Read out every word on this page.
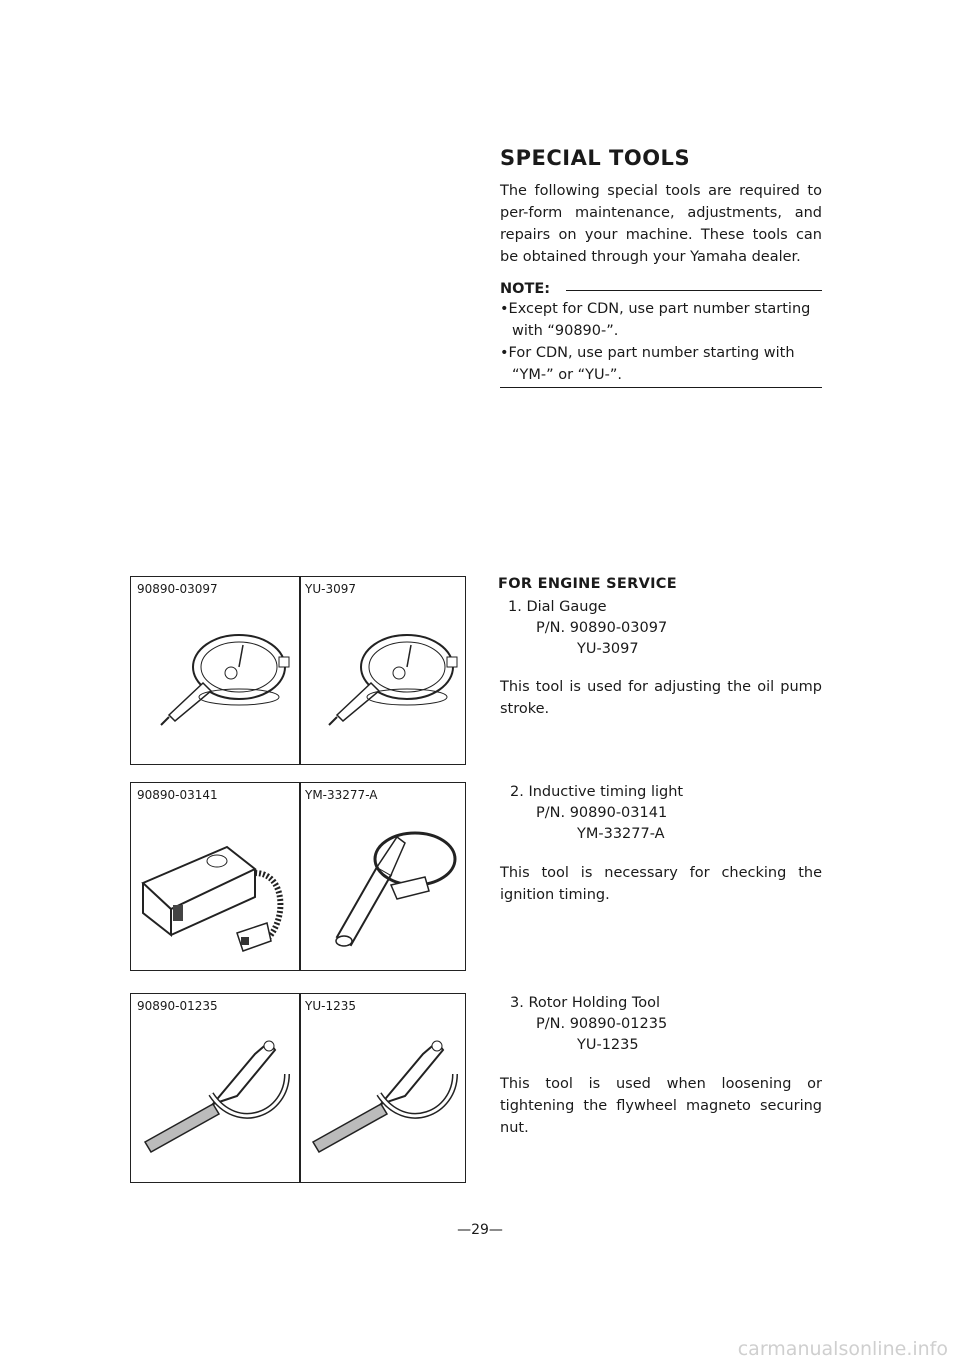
SPECIAL TOOLS
The following special tools are required to per-form maintenance, adjustments, and repairs on your machine. These tools can be obtained through your Yamaha dealer.
NOTE:
•Except for CDN, use part number starting
with “90890-”.
•For CDN, use part number starting with
“YM-” or “YU-”.
FOR ENGINE SERVICE
1. Dial Gauge
P/N. 90890-03097
YU-3097
This tool is used for adjusting the oil pump stroke.
2. Inductive timing light
P/N. 90890-03141
YM-33277-A
This tool is necessary for checking the ignition timing.
3. Rotor Holding Tool
P/N. 90890-01235
YU-1235
This tool is used when loosening or tightening the flywheel magneto securing nut.
90890-03097	YU-3097
90890-03141	YM-33277-A
90890-01235	YU-1235
—29—
carmanualsonline.info
